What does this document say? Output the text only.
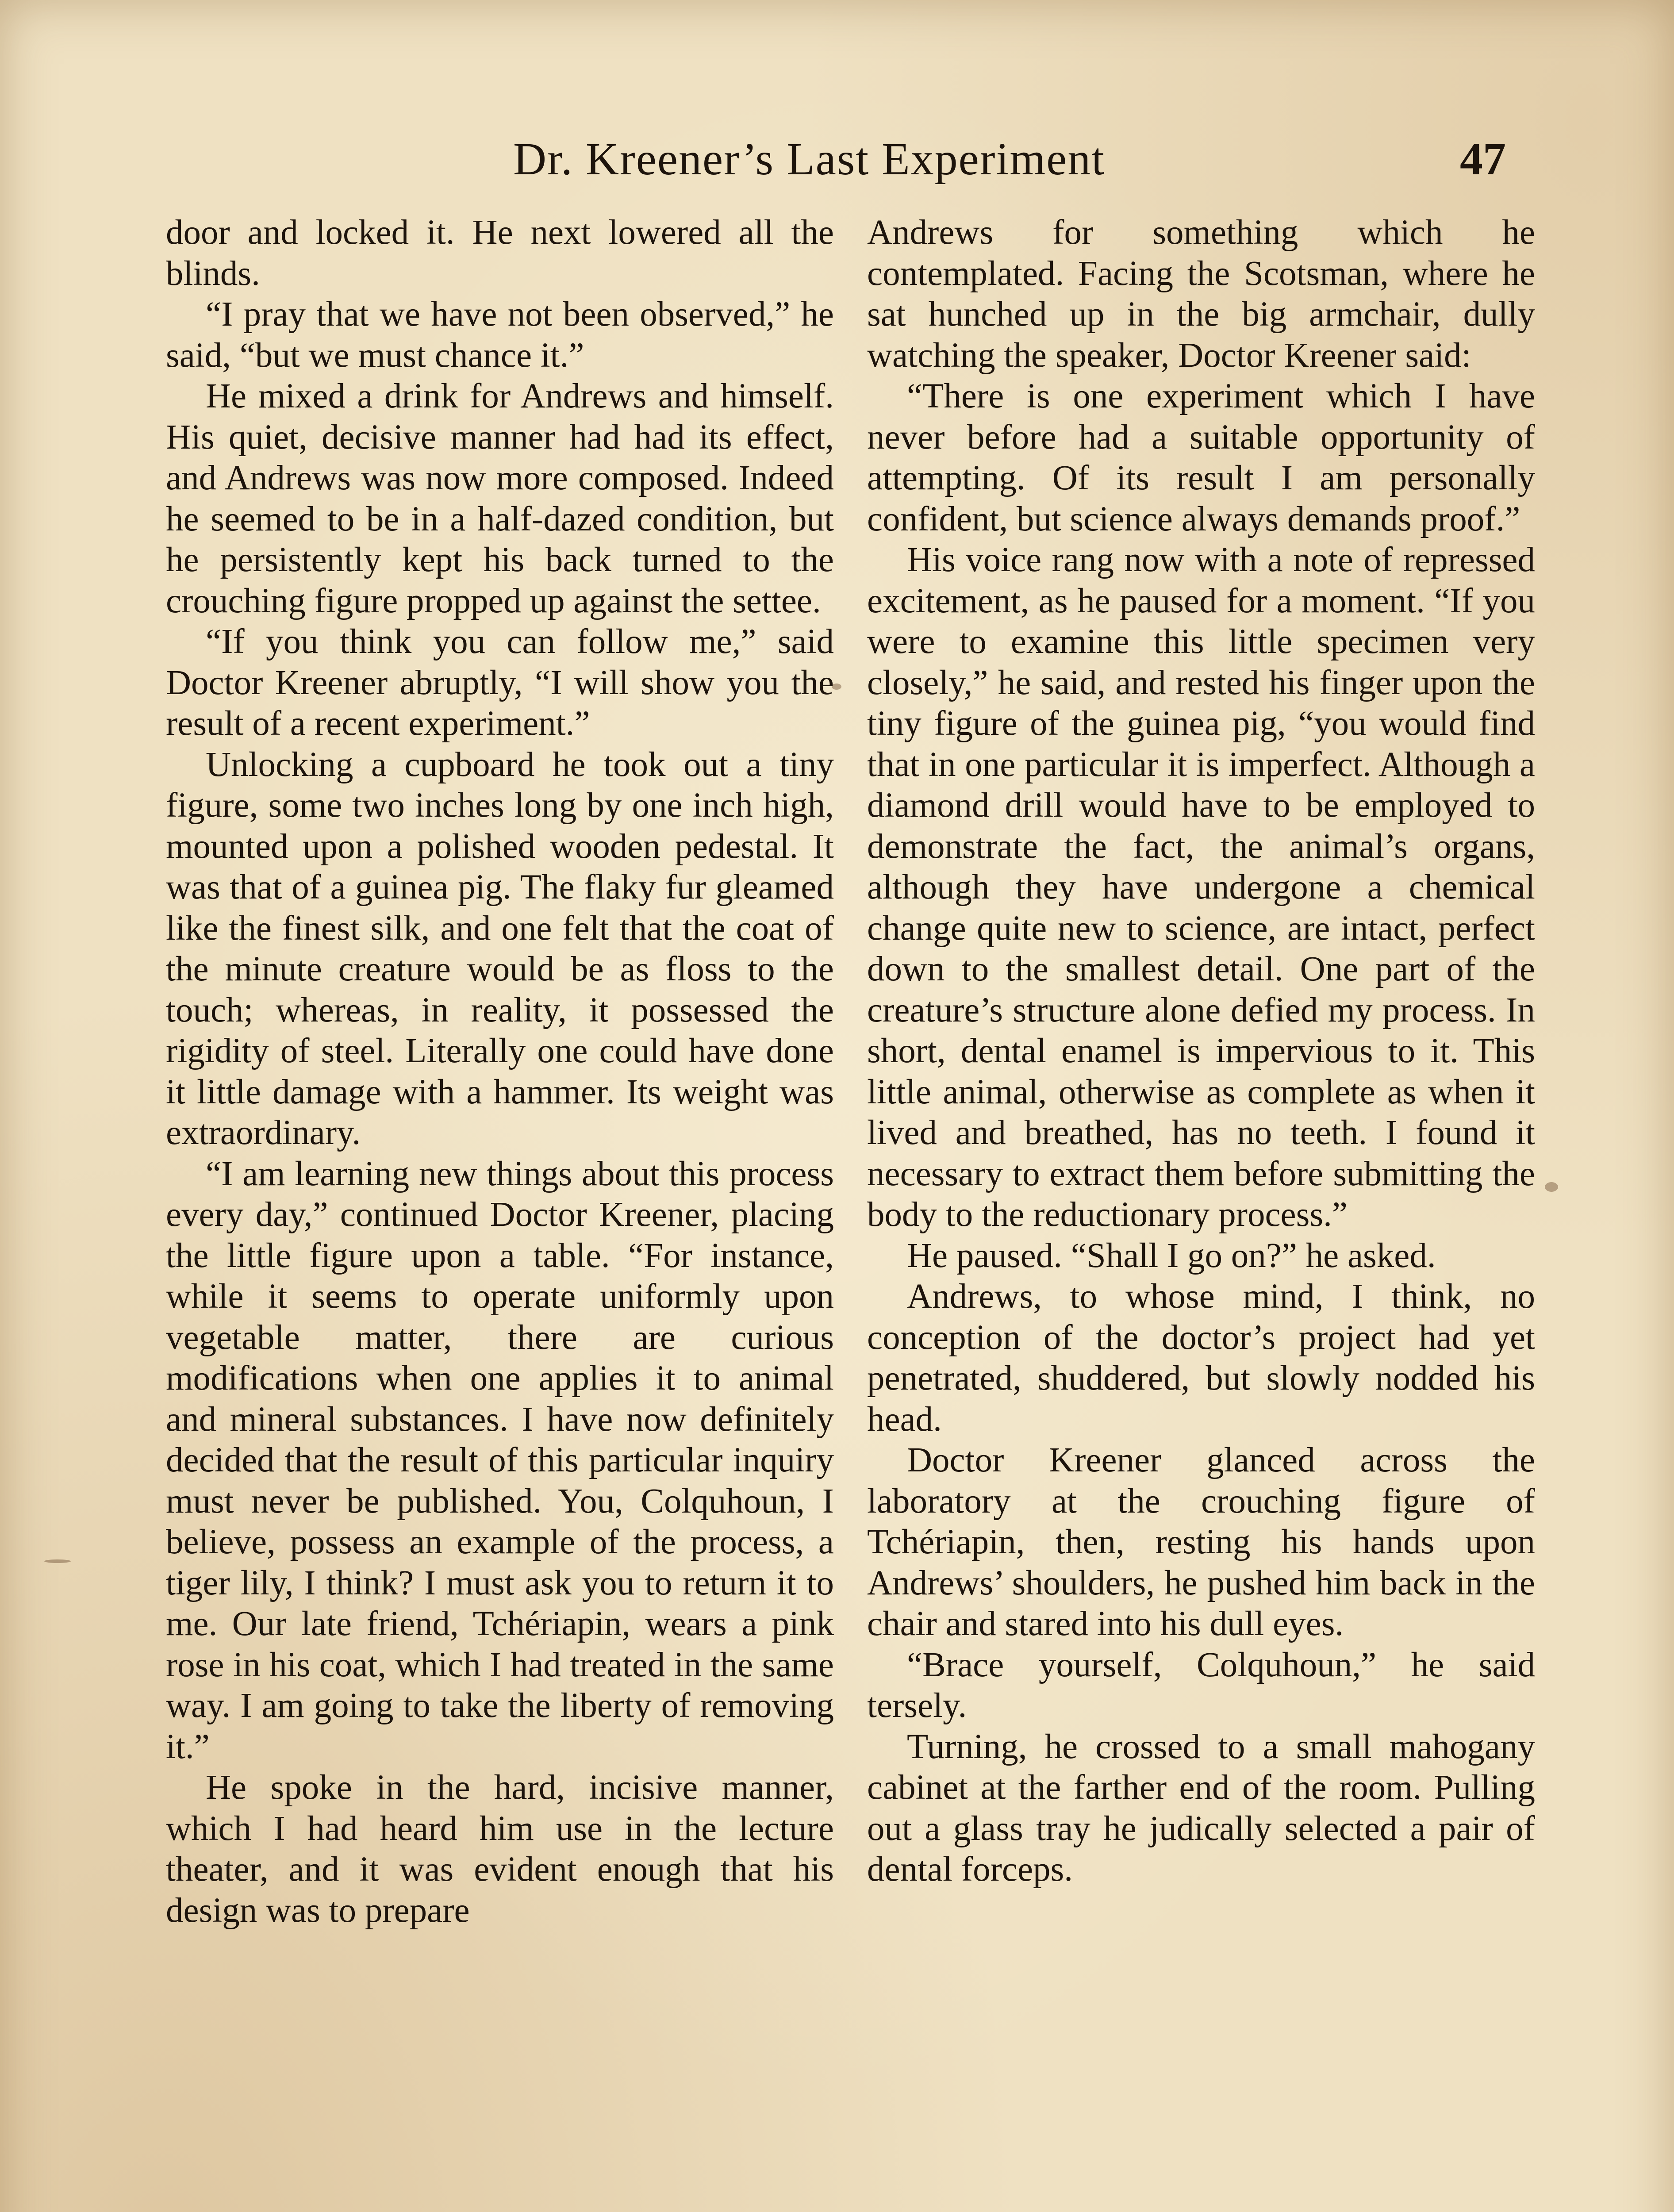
Dr. Kreener’s Last Experiment	47

door and locked it. He next lowered all the blinds.

“I pray that we have not been observed,” he said, “but we must chance it.”

He mixed a drink for Andrews and himself. His quiet, decisive manner had had its effect, and Andrews was now more composed. Indeed he seemed to be in a half-dazed condition, but he persistently kept his back turned to the crouching figure propped up against the settee.

“If you think you can follow me,” said Doctor Kreener abruptly, “I will show you the result of a recent experiment.”

Unlocking a cupboard he took out a tiny figure, some two inches long by one inch high, mounted upon a polished wooden pedestal. It was that of a guinea pig. The flaky fur gleamed like the finest silk, and one felt that the coat of the minute creature would be as floss to the touch; whereas, in reality, it possessed the rigidity of steel. Literally one could have done it little damage with a hammer. Its weight was extraordinary.

“I am learning new things about this process every day,” continued Doctor Kreener, placing the little figure upon a table. “For instance, while it seems to operate uniformly upon vegetable matter, there are curious modifications when one applies it to animal and mineral substances. I have now definitely decided that the result of this particular inquiry must never be published. You, Colquhoun, I believe, possess an example of the process, a tiger lily, I think? I must ask you to return it to me. Our late friend, Tchériapin, wears a pink rose in his coat, which I had treated in the same way. I am going to take the liberty of removing it.”

He spoke in the hard, incisive manner, which I had heard him use in the lecture theater, and it was evident enough that his design was to prepare

Andrews for something which he contemplated. Facing the Scotsman, where he sat hunched up in the big armchair, dully watching the speaker, Doctor Kreener said:

“There is one experiment which I have never before had a suitable opportunity of attempting. Of its result I am personally confident, but science always demands proof.”

His voice rang now with a note of repressed excitement, as he paused for a moment. “If you were to examine this little specimen very closely,” he said, and rested his finger upon the tiny figure of the guinea pig, “you would find that in one particular it is imperfect. Although a diamond drill would have to be employed to demonstrate the fact, the animal’s organs, although they have undergone a chemical change quite new to science, are intact, perfect down to the smallest detail. One part of the creature’s structure alone defied my process. In short, dental enamel is impervious to it. This little animal, otherwise as complete as when it lived and breathed, has no teeth. I found it necessary to extract them before submitting the body to the reductionary process.”

He paused. “Shall I go on?” he asked.

Andrews, to whose mind, I think, no conception of the doctor’s project had yet penetrated, shuddered, but slowly nodded his head.

Doctor Kreener glanced across the laboratory at the crouching figure of Tchériapin, then, resting his hands upon Andrews’ shoulders, he pushed him back in the chair and stared into his dull eyes.

“Brace yourself, Colquhoun,” he said tersely.

Turning, he crossed to a small mahogany cabinet at the farther end of the room. Pulling out a glass tray he judically selected a pair of dental forceps.
